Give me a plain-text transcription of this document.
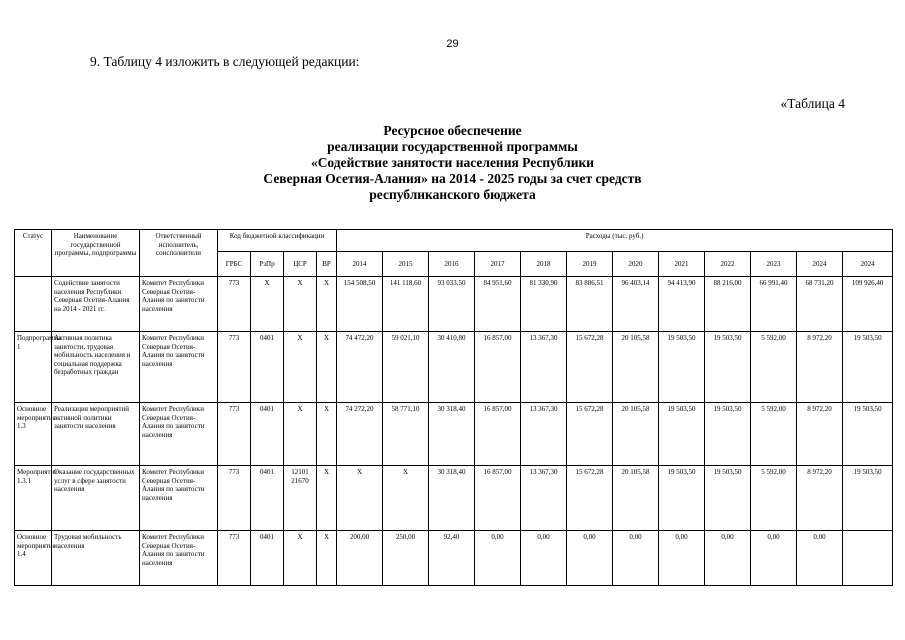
29
9. Таблицу 4 изложить в следующей редакции:
«Таблица 4
Ресурсное обеспечение
реализации государственной программы
«Содействие занятости населения Республики
Северная Осетия-Алания» на 2014 - 2025 годы за счет средств
республиканского бюджета
Статус	Наименование государственной программы, подпрограммы	Ответственный исполнитель, соисполнители	Код бюджетной классификации				Расходы (тыс. руб.)											
			ГРБС	РзПр	ЦСР	ВР	2014	2015	2016	2017	2018	2019	2020	2021	2022	2023	2024	2024
	Содействие занятости населения Республики Северная Осетия-Алания на 2014 - 2021 гг.	Комитет Республики Северная Осетия-Алания по занятости населения	773	X	X	X	154 508,50	141 118,60	93 033,50	84 951,60	81 330,90	83 886,51	96 403,14	94 413,90	88 216,00	66 991,40	68 731,20	109 926,40
Подпрограмма 1	Активная политика занятости, трудовая мобильность населения и социальная поддержка безработных граждан	Комитет Республики Северная Осетия-Алания по занятости населения	773	0401	X	X	74 472,20	59 021,10	30 410,80	16 857,00	13 367,30	15 672,28	20 105,58	19 503,50	19 503,50	5 592,00	8 972,20	19 503,50
Основное мероприятие 1.3	Реализация мероприятий активной политики занятости населения	Комитет Республики Северная Осетия-Алания по занятости населения	773	0401	X	X	74 272,20	58 771,10	30 318,40	16 857,00	13 367,30	15 672,28	20 105,58	19 503,50	19 503,50	5 592,00	8 972,20	19 503,50
Мероприятие 1.3.1	Оказание государственных услуг в сфере занятости населения	Комитет Республики Северная Осетия-Алания по занятости населения	773	0401	12101 21670	X	X	X	30 318,40	16 857,00	13 367,30	15 672,28	20 105,58	19 503,50	19 503,50	5 592,00	8 972,20	19 503,50
Основное мероприятие 1.4	Трудовая мобильность населения	Комитет Республики Северная Осетия-Алания по занятости населения	773	0401	X	X	200,00	250,00	92,40	0,00	0,00	0,00	0,00	0,00	0,00	0,00	0,00	
